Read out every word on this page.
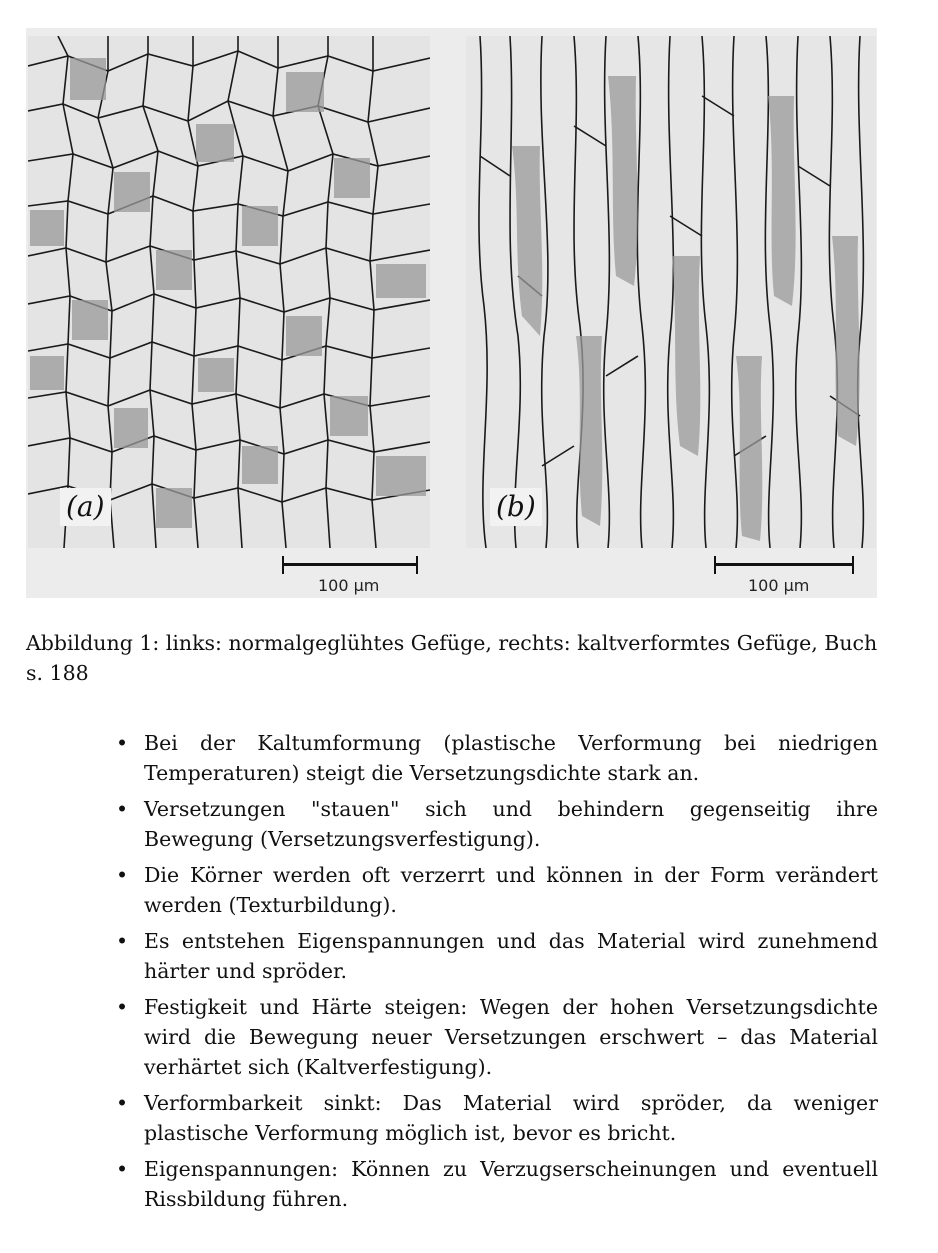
(a)	(b)
100 µm	100 µm
Abbildung 1: links: normalgeglühtes Gefüge, rechts: kaltverformtes Gefüge, Buch s. 188
• Bei der Kaltumformung (plastische Verformung bei niedrigen Temperaturen) steigt die Versetzungsdichte stark an.
• Versetzungen "stauen" sich und behindern gegenseitig ihre Bewegung (Versetzungsverfestigung).
• Die Körner werden oft verzerrt und können in der Form verändert werden (Texturbildung).
• Es entstehen Eigenspannungen und das Material wird zunehmend härter und spröder.
• Festigkeit und Härte steigen: Wegen der hohen Versetzungsdichte wird die Bewegung neuer Versetzungen erschwert – das Material verhärtet sich (Kaltverfestigung).
• Verformbarkeit sinkt: Das Material wird spröder, da weniger plastische Verformung möglich ist, bevor es bricht.
• Eigenspannungen: Können zu Verzugserscheinungen und eventuell Rissbildung führen.
